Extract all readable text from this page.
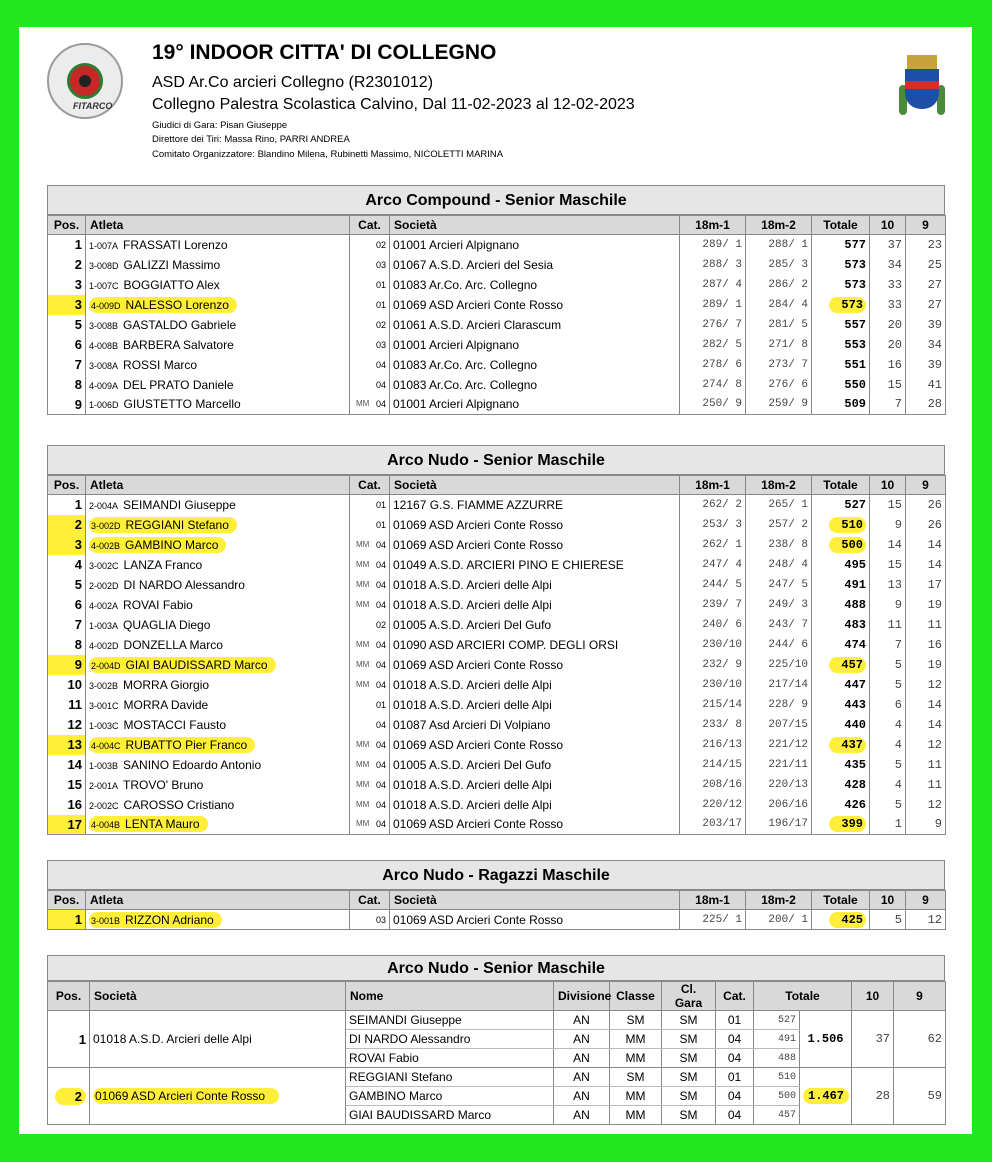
FITARCO
19° INDOOR CITTA' DI COLLEGNO
ASD Ar.Co arcieri Collegno (R2301012)
Collegno Palestra Scolastica Calvino, Dal 11-02-2023 al 12-02-2023
Giudici di Gara: Pisan Giuseppe
Direttore dei Tiri: Massa Rino, PARRI ANDREA
Comitato Organizzatore: Blandino Milena, Rubinetti Massimo, NICOLETTI MARINA
Arco Compound - Senior Maschile
Pos.	Atleta	Cat.	Società	18m-1	18m-2	Totale	10	9
1	1-007A FRASSATI Lorenzo	02	01001 Arcieri Alpignano	289/ 1	288/ 1	577	37	23
2	3-008D GALIZZI Massimo	03	01067 A.S.D. Arcieri del Sesia	288/ 3	285/ 3	573	34	25
3	1-007C BOGGIATTO Alex	01	01083 Ar.Co. Arc. Collegno	287/ 4	286/ 2	573	33	27
3	4-009D NALESSO Lorenzo	01	01069 ASD Arcieri Conte Rosso	289/ 1	284/ 4	573	33	27
5	3-008B GASTALDO Gabriele	02	01061 A.S.D. Arcieri Clarascum	276/ 7	281/ 5	557	20	39
6	4-008B BARBERA Salvatore	03	01001 Arcieri Alpignano	282/ 5	271/ 8	553	20	34
7	3-008A ROSSI Marco	04	01083 Ar.Co. Arc. Collegno	278/ 6	273/ 7	551	16	39
8	4-009A DEL PRATO Daniele	04	01083 Ar.Co. Arc. Collegno	274/ 8	276/ 6	550	15	41
9	1-006D GIUSTETTO Marcello	MM 04	01001 Arcieri Alpignano	250/ 9	259/ 9	509	7	28
Arco Nudo - Senior Maschile
Pos.	Atleta	Cat.	Società	18m-1	18m-2	Totale	10	9
1	2-004A SEIMANDI Giuseppe	01	12167 G.S. FIAMME AZZURRE	262/ 2	265/ 1	527	15	26
2	3-002D REGGIANI Stefano	01	01069 ASD Arcieri Conte Rosso	253/ 3	257/ 2	510	9	26
3	4-002B GAMBINO Marco	MM 04	01069 ASD Arcieri Conte Rosso	262/ 1	238/ 8	500	14	14
4	3-002C LANZA Franco	MM 04	01049 A.S.D. ARCIERI PINO E CHIERESE	247/ 4	248/ 4	495	15	14
5	2-002D DI NARDO Alessandro	MM 04	01018 A.S.D. Arcieri delle Alpi	244/ 5	247/ 5	491	13	17
6	4-002A ROVAI Fabio	MM 04	01018 A.S.D. Arcieri delle Alpi	239/ 7	249/ 3	488	9	19
7	1-003A QUAGLIA Diego	02	01005 A.S.D. Arcieri Del Gufo	240/ 6	243/ 7	483	11	11
8	4-002D DONZELLA Marco	MM 04	01090 ASD ARCIERI COMP. DEGLI ORSI	230/10	244/ 6	474	7	16
9	2-004D GIAI BAUDISSARD Marco	MM 04	01069 ASD Arcieri Conte Rosso	232/ 9	225/10	457	5	19
10	3-002B MORRA Giorgio	MM 04	01018 A.S.D. Arcieri delle Alpi	230/10	217/14	447	5	12
11	3-001C MORRA Davide	01	01018 A.S.D. Arcieri delle Alpi	215/14	228/ 9	443	6	14
12	1-003C MOSTACCI Fausto	04	01087 Asd Arcieri Di Volpiano	233/ 8	207/15	440	4	14
13	4-004C RUBATTO Pier Franco	MM 04	01069 ASD Arcieri Conte Rosso	216/13	221/12	437	4	12
14	1-003B SANINO Edoardo Antonio	MM 04	01005 A.S.D. Arcieri Del Gufo	214/15	221/11	435	5	11
15	2-001A TROVO' Bruno	MM 04	01018 A.S.D. Arcieri delle Alpi	208/16	220/13	428	4	11
16	2-002C CAROSSO Cristiano	MM 04	01018 A.S.D. Arcieri delle Alpi	220/12	206/16	426	5	12
17	4-004B LENTA Mauro	MM 04	01069 ASD Arcieri Conte Rosso	203/17	196/17	399	1	9
Arco Nudo - Ragazzi Maschile
Pos.	Atleta	Cat.	Società	18m-1	18m-2	Totale	10	9
1	3-001B RIZZON Adriano	03	01069 ASD Arcieri Conte Rosso	225/ 1	200/ 1	425	5	12
Arco Nudo - Senior Maschile
Pos.	Società	Nome	Divisione	Classe	Cl. Gara	Cat.	Totale		10	9
1	01018 A.S.D. Arcieri delle Alpi	SEIMANDI Giuseppe	AN	SM	SM	01	527	1.506	37	62
		DI NARDO Alessandro	AN	MM	SM	04	491			
		ROVAI Fabio	AN	MM	SM	04	488			
2	01069 ASD Arcieri Conte Rosso	REGGIANI Stefano	AN	SM	SM	01	510	1.467	28	59
		GAMBINO Marco	AN	MM	SM	04	500			
		GIAI BAUDISSARD Marco	AN	MM	SM	04	457			
